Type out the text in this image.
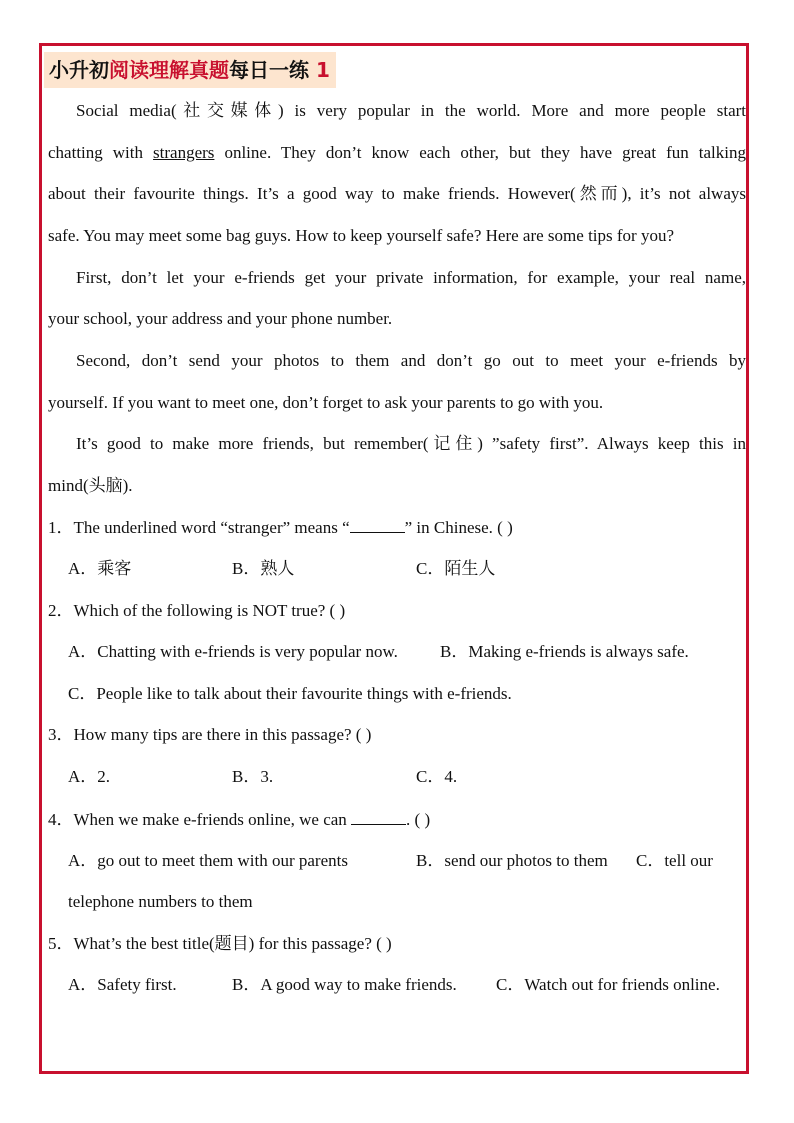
小升初阅读理解真题每日一练 1
Social media(社交媒体) is very popular in the world. More and more people start
chatting with strangers online. They don’t know each other, but they have great fun talking
about their favourite things. It’s a good way to make friends. However(然而), it’s not always
safe. You may meet some bag guys. How to keep yourself safe? Here are some tips for you?
First, don’t let your e-friends get your private information, for example, your real name,
your school, your address and your phone number.
Second, don’t send your photos to them and don’t go out to meet your e-friends by
yourself. If you want to meet one, don’t forget to ask your parents to go with you.
It’s good to make more friends, but remember(记住) ”safety first”. Always keep this in
mind(头脑).
1．The underlined word “stranger” means “	” in Chinese. ( )
A．乘客	B．熟人	C．陌生人
2．Which of the following is NOT true? ( )
A．Chatting with e-friends is very popular now. B．Making e-friends is always safe.
C．People like to talk about their favourite things with e-friends.
3．How many tips are there in this passage? ( )
A．2.	B．3.	C．4.
4．When we make e-friends online, we can	. ( )
A．go out to meet them with our parents	B．send our photos to them C．tell our
telephone numbers to them
5．What’s the best title(题目) for this passage? ( )
A．Safety first.	B．A good way to make friends. C．Watch out for friends online.
